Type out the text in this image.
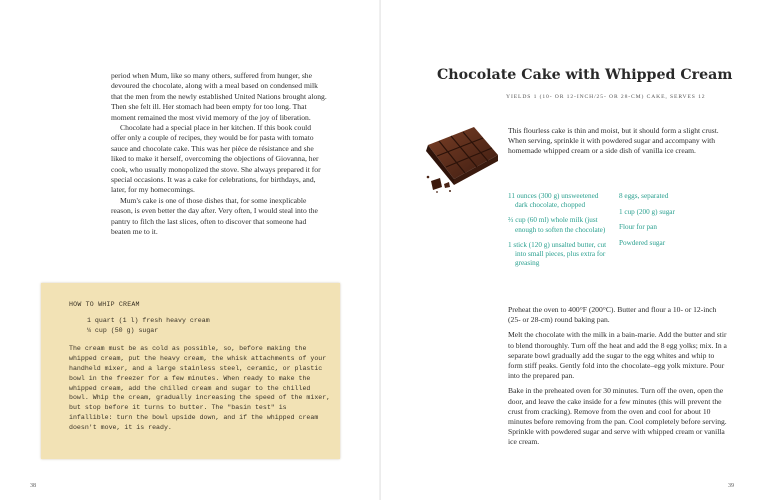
period when Mum, like so many others, suffered from hunger, she devoured the chocolate, along with a meal based on condensed milk that the men from the newly established United Nations brought along. Then she felt ill. Her stomach had been empty for too long. That moment remained the most vivid memory of the joy of liberation.

Chocolate had a special place in her kitchen. If this book could offer only a couple of recipes, they would be for pasta with tomato sauce and chocolate cake. This was her pièce de résistance and she liked to make it herself, overcoming the objections of Giovanna, her cook, who usually monopolized the stove. She always prepared it for special occasions. It was a cake for celebrations, for birthdays, and, later, for my homecomings.

Mum's cake is one of those dishes that, for some inexplicable reason, is even better the day after. Very often, I would steal into the pantry to filch the last slices, often to discover that someone had beaten me to it.

HOW TO WHIP CREAM

1 quart (1 l) fresh heavy cream

¼ cup (50 g) sugar

The cream must be as cold as possible, so, before making the whipped cream, put the heavy cream, the whisk attachments of your handheld mixer, and a large stainless steel, ceramic, or plastic bowl in the freezer for a few minutes. When ready to make the whipped cream, add the chilled cream and sugar to the chilled bowl. Whip the cream, gradually increasing the speed of the mixer, but stop before it turns to butter. The "basin test" is infallible: turn the bowl upside down, and if the whipped cream doesn't move, it is ready.

38
Chocolate Cake with Whipped Cream

YIELDS 1 (10- OR 12-INCH/25- OR 28-CM) CAKE, SERVES 12

This flourless cake is thin and moist, but it should form a slight crust. When serving, sprinkle it with powdered sugar and accompany with homemade whipped cream or a side dish of vanilla ice cream.

11 ounces (300 g) unsweetened dark chocolate, chopped

⅔ cup (60 ml) whole milk (just enough to soften the chocolate)

1 stick (120 g) unsalted butter, cut into small pieces, plus extra for greasing

8 eggs, separated

1 cup (200 g) sugar

Flour for pan

Powdered sugar

Preheat the oven to 400°F (200°C). Butter and flour a 10- or 12-inch (25- or 28-cm) round baking pan.

Melt the chocolate with the milk in a bain-marie. Add the butter and stir to blend thoroughly. Turn off the heat and add the 8 egg yolks; mix. In a separate bowl gradually add the sugar to the egg whites and whip to form stiff peaks. Gently fold into the chocolate–egg yolk mixture. Pour into the prepared pan.

Bake in the preheated oven for 30 minutes. Turn off the oven, open the door, and leave the cake inside for a few minutes (this will prevent the crust from cracking). Remove from the oven and cool for about 10 minutes before removing from the pan. Cool completely before serving. Sprinkle with powdered sugar and serve with whipped cream or vanilla ice cream.

39
